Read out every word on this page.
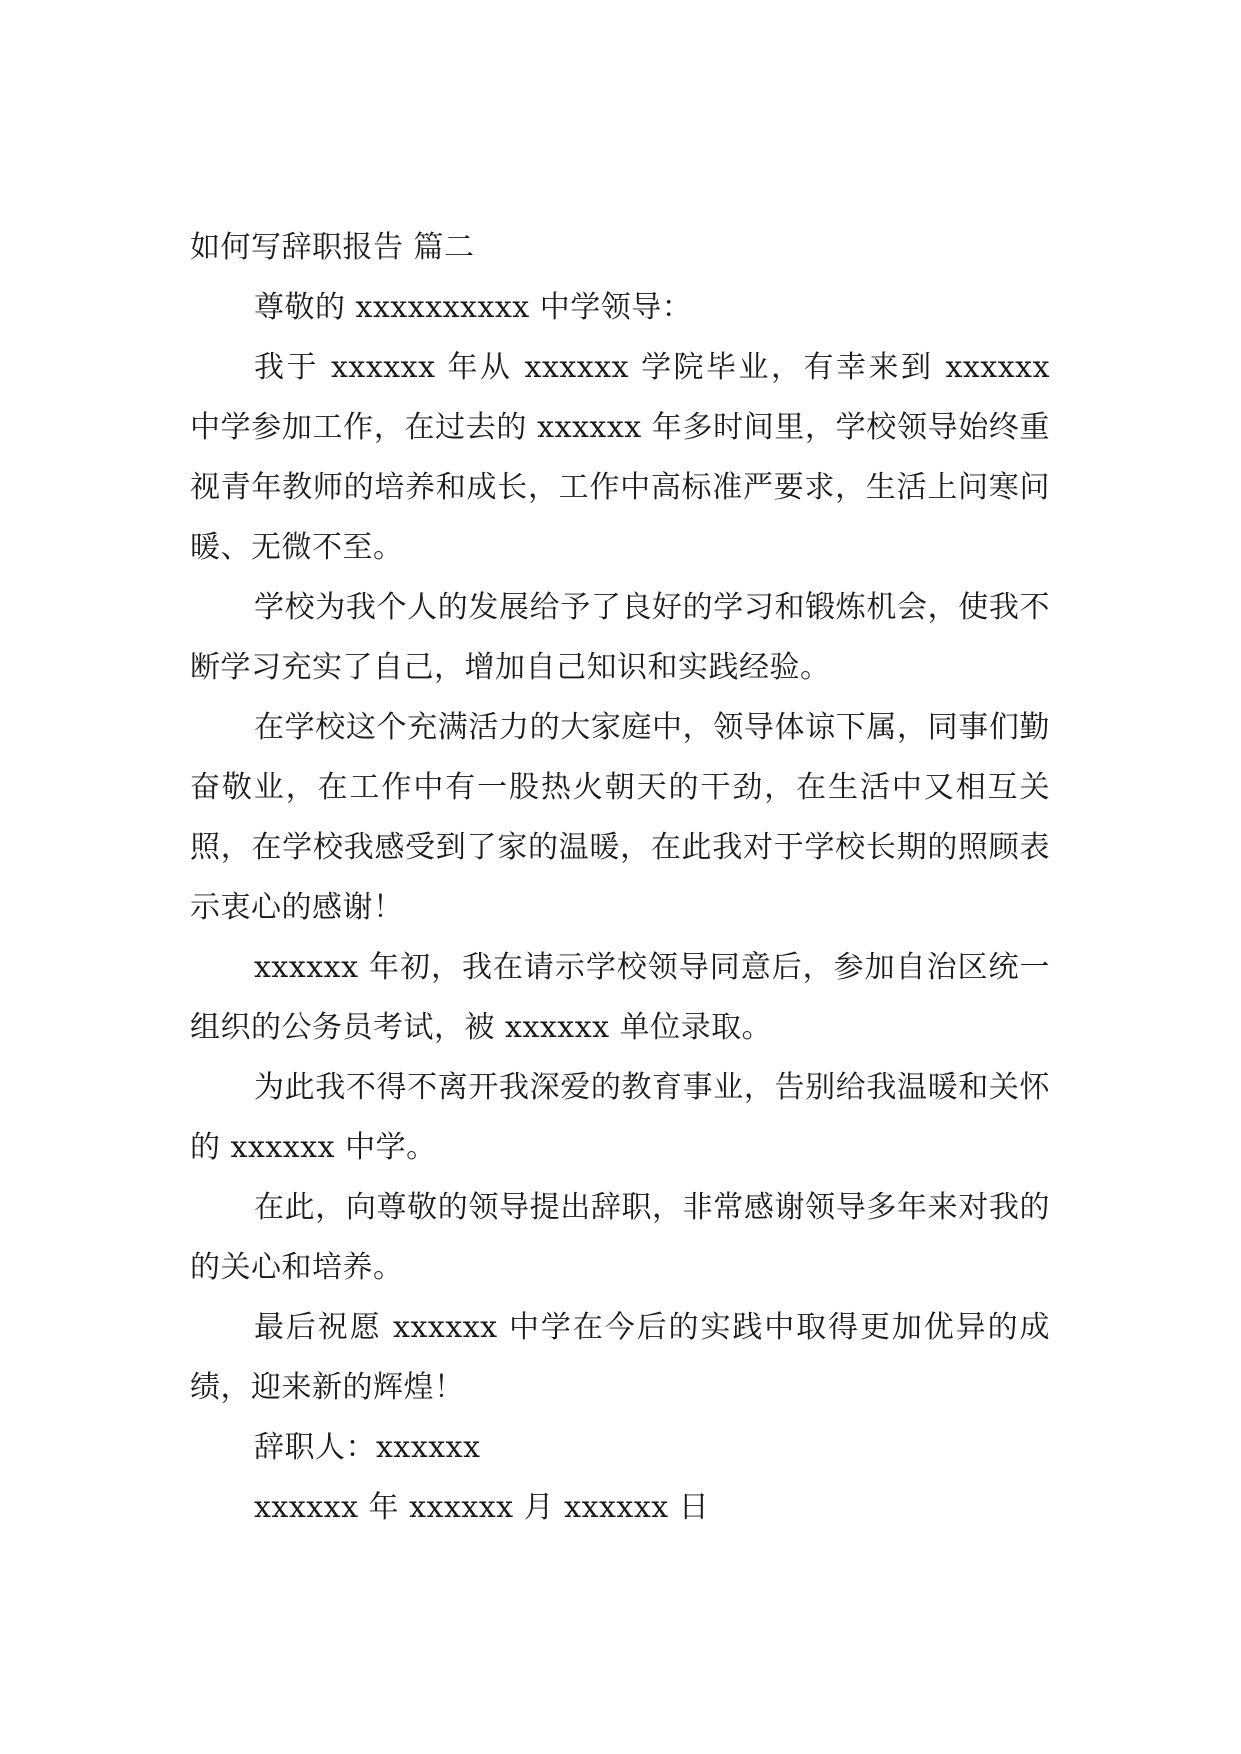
如何写辞职报告 篇二

尊敬的 xxxxxxxxxx 中学领导：

我于 xxxxxx 年从 xxxxxx 学院毕业，有幸来到 xxxxxx 中学参加工作，在过去的 xxxxxx 年多时间里，学校领导始终重视青年教师的培养和成长，工作中高标准严要求，生活上问寒问暖、无微不至。

学校为我个人的发展给予了良好的学习和锻炼机会，使我不断学习充实了自己，增加自己知识和实践经验。

在学校这个充满活力的大家庭中，领导体谅下属，同事们勤奋敬业，在工作中有一股热火朝天的干劲，在生活中又相互关照，在学校我感受到了家的温暖，在此我对于学校长期的照顾表示衷心的感谢！

xxxxxx 年初，我在请示学校领导同意后，参加自治区统一组织的公务员考试，被 xxxxxx 单位录取。

为此我不得不离开我深爱的教育事业，告别给我温暖和关怀的 xxxxxx 中学。

在此，向尊敬的领导提出辞职，非常感谢领导多年来对我的的关心和培养。

最后祝愿 xxxxxx 中学在今后的实践中取得更加优异的成绩，迎来新的辉煌！

辞职人：xxxxxx

xxxxxx 年 xxxxxx 月 xxxxxx 日
